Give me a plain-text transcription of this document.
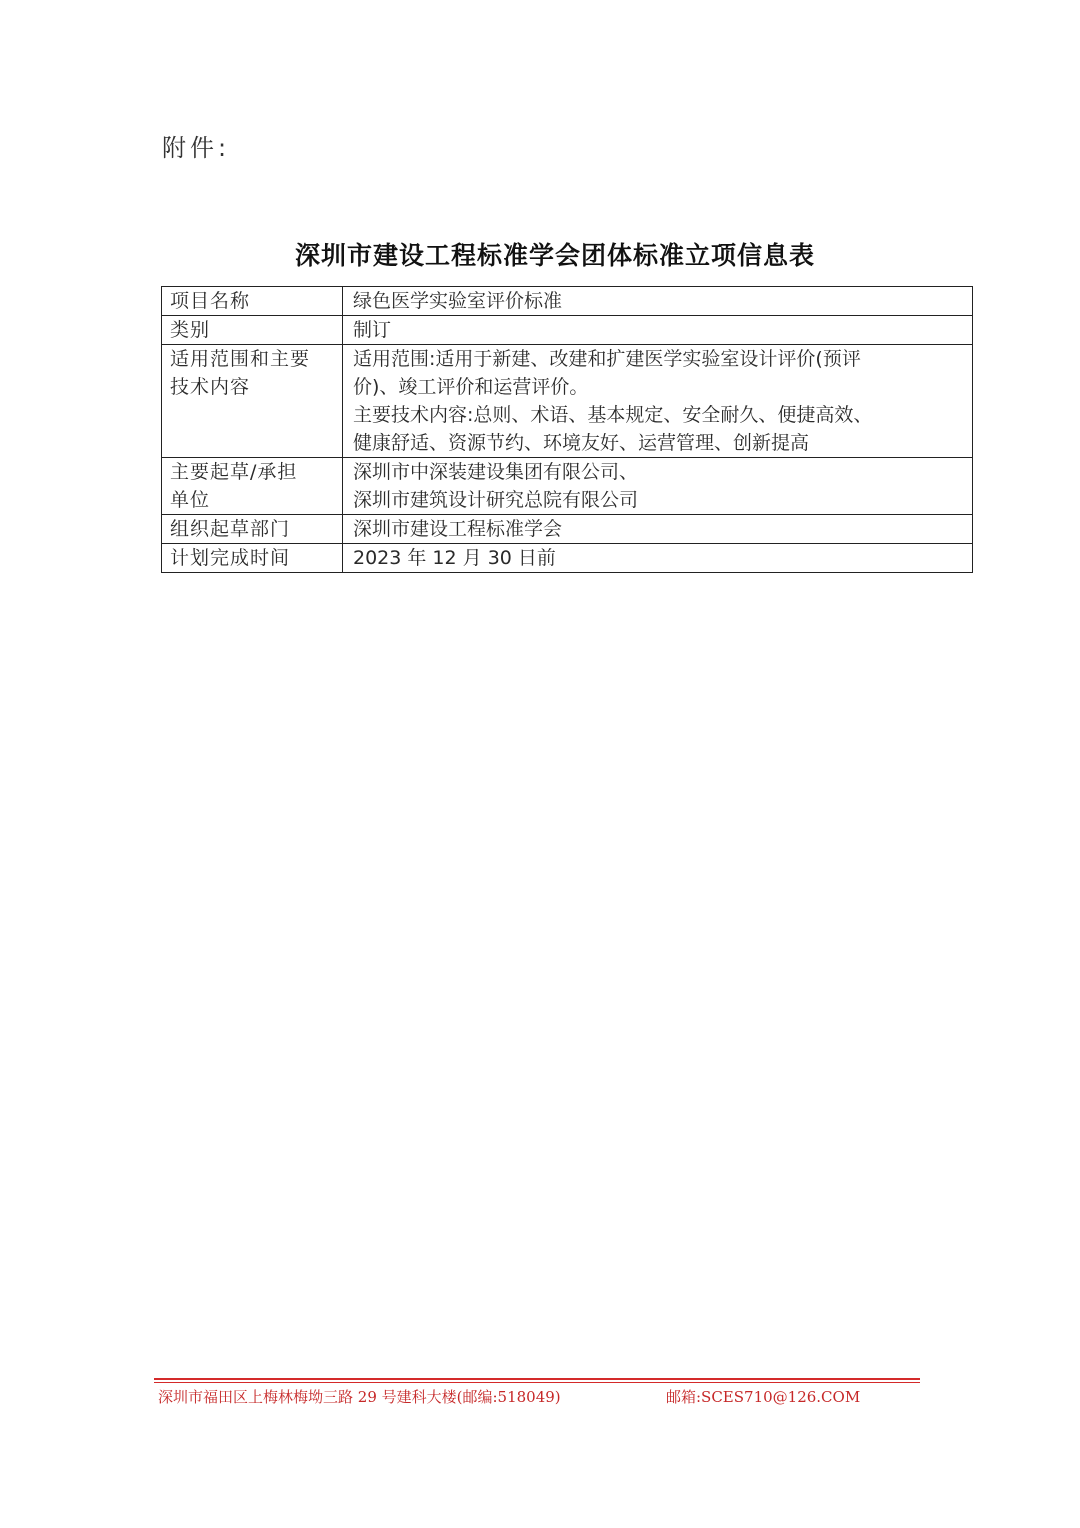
附件:
深圳市建设工程标准学会团体标准立项信息表
项目名称	绿色医学实验室评价标准

类别	制订

适用范围和主要
技术内容	适用范围:适用于新建、改建和扩建医学实验室设计评价(预评
价)、竣工评价和运营评价。
主要技术内容:总则、术语、基本规定、安全耐久、便捷高效、
健康舒适、资源节约、环境友好、运营管理、创新提高

主要起草/承担
单位	深圳市中深装建设集团有限公司、
深圳市建筑设计研究总院有限公司

组织起草部门	深圳市建设工程标准学会

计划完成时间	2023 年 12 月 30 日前
深圳市福田区上梅林梅坳三路 29 号建科大楼(邮编:518049)	邮箱:SCES710@126.COM
